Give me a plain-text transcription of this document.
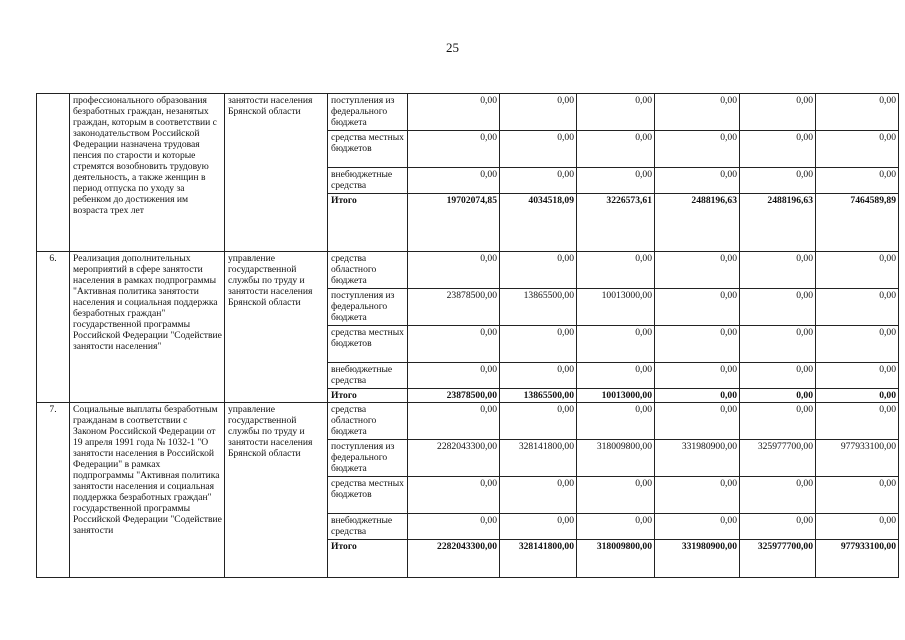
25
	профессионального образования безработных граждан, незанятых граждан, которым в соответствии с законодательством Российской Федерации назначена трудовая пенсия по старости и которые стремятся возобновить трудовую деятельность, а также женщин в период отпуска по уходу за ребенком до достижения им возраста трех лет	занятости населения Брянской области	поступления из федерального бюджета	0,00	0,00	0,00	0,00	0,00	0,00
			средства местных бюджетов	0,00	0,00	0,00	0,00	0,00	0,00
			внебюджетные средства	0,00	0,00	0,00	0,00	0,00	0,00
			Итого	19702074,85	4034518,09	3226573,61	2488196,63	2488196,63	7464589,89
6.	Реализация дополнительных мероприятий в сфере занятости населения в рамках подпрограммы "Активная политика занятости населения и социальная поддержка безработных граждан" государственной программы Российской Федерации "Содействие занятости населения"	управление государственной службы по труду и занятости населения Брянской области	средства областного бюджета	0,00	0,00	0,00	0,00	0,00	0,00
			поступления из федерального бюджета	23878500,00	13865500,00	10013000,00	0,00	0,00	0,00
			средства местных бюджетов	0,00	0,00	0,00	0,00	0,00	0,00
			внебюджетные средства	0,00	0,00	0,00	0,00	0,00	0,00
			Итого	23878500,00	13865500,00	10013000,00	0,00	0,00	0,00
7.	Социальные выплаты безработным гражданам в соответствии с Законом Российской Федерации от 19 апреля 1991 года № 1032-1 "О занятости населения в Российской Федерации" в рамках подпрограммы "Активная политика занятости населения и социальная поддержка безработных граждан" государственной программы Российской Федерации "Содействие занятости	управление государственной службы по труду и занятости населения Брянской области	средства областного бюджета	0,00	0,00	0,00	0,00	0,00	0,00
			поступления из федерального бюджета	2282043300,00	328141800,00	318009800,00	331980900,00	325977700,00	977933100,00
			средства местных бюджетов	0,00	0,00	0,00	0,00	0,00	0,00
			внебюджетные средства	0,00	0,00	0,00	0,00	0,00	0,00
			Итого	2282043300,00	328141800,00	318009800,00	331980900,00	325977700,00	977933100,00
